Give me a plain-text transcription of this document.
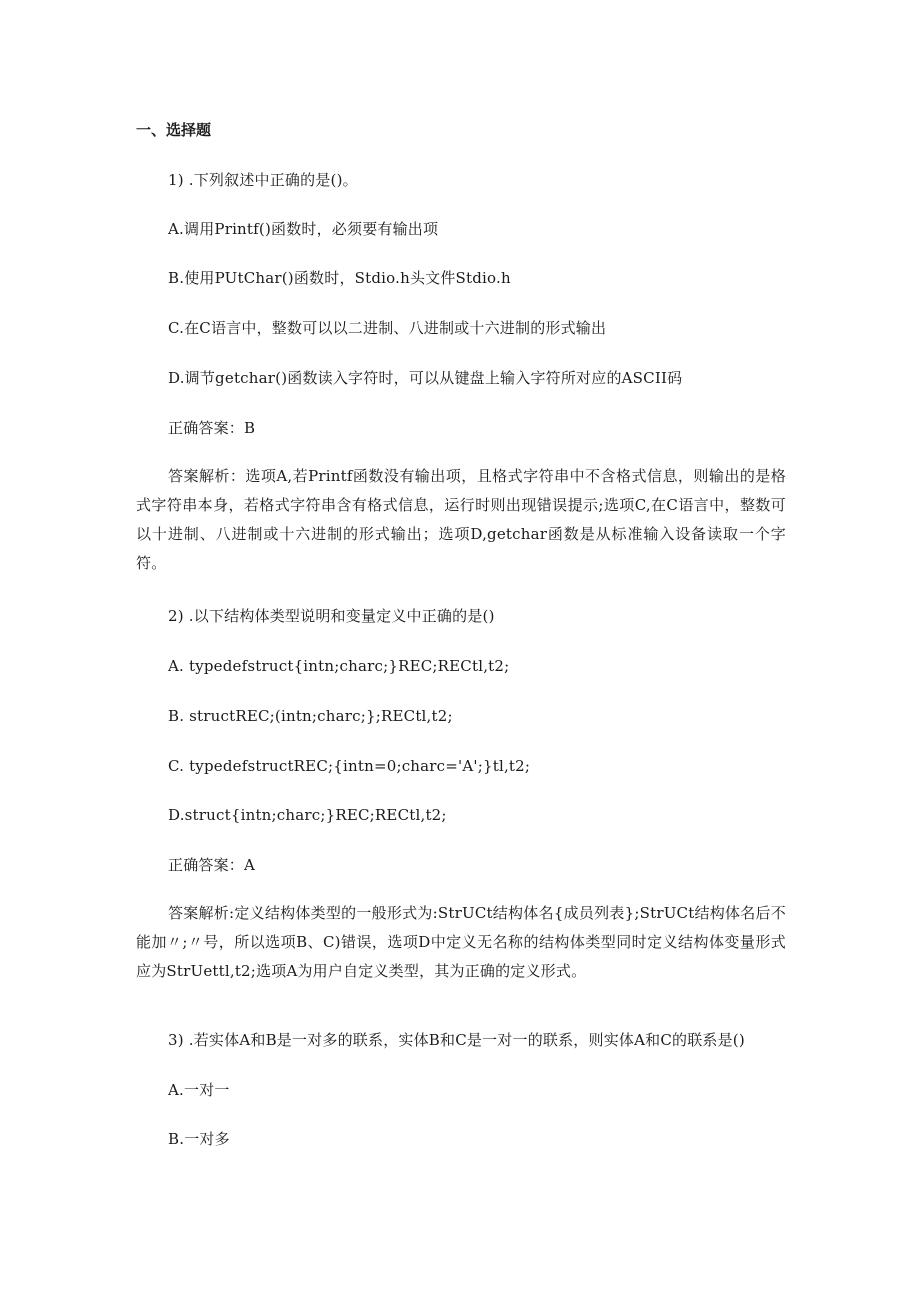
一、选择题
1) .下列叙述中正确的是()。
A.调用Printf()函数时，必须要有输出项
B.使用PUtChar()函数时，Stdio.h头文件Stdio.h
C.在C语言中，整数可以以二进制、八进制或十六进制的形式输出
D.调节getchar()函数读入字符时，可以从键盘上输入字符所对应的ASCII码
正确答案：B
答案解析：选项A,若Printf函数没有输出项，且格式字符串中不含格式信息，则输出的是格式字符串本身，若格式字符串含有格式信息，运行时则出现错误提示;选项C,在C语言中，整数可以十进制、八进制或十六进制的形式输出；选项D,getchar函数是从标准输入设备读取一个字符。
2) .以下结构体类型说明和变量定义中正确的是()
A. typedefstruct{intn;charc;}REC;RECtl,t2;
B. structREC;(intn;charc;};RECtl,t2;
C. typedefstructREC;{intn=0;charc='A';}tl,t2;
D.struct{intn;charc;}REC;RECtl,t2;
正确答案：A
答案解析:定义结构体类型的一般形式为:StrUCt结构体名{成员列表};StrUCt结构体名后不能加〃;〃号，所以选项B、C)错误，选项D中定义无名称的结构体类型同时定义结构体变量形式应为StrUettl,t2;选项A为用户自定义类型，其为正确的定义形式。
3) .若实体A和B是一对多的联系，实体B和C是一对一的联系，则实体A和C的联系是()
A.一对一
B.一对多
